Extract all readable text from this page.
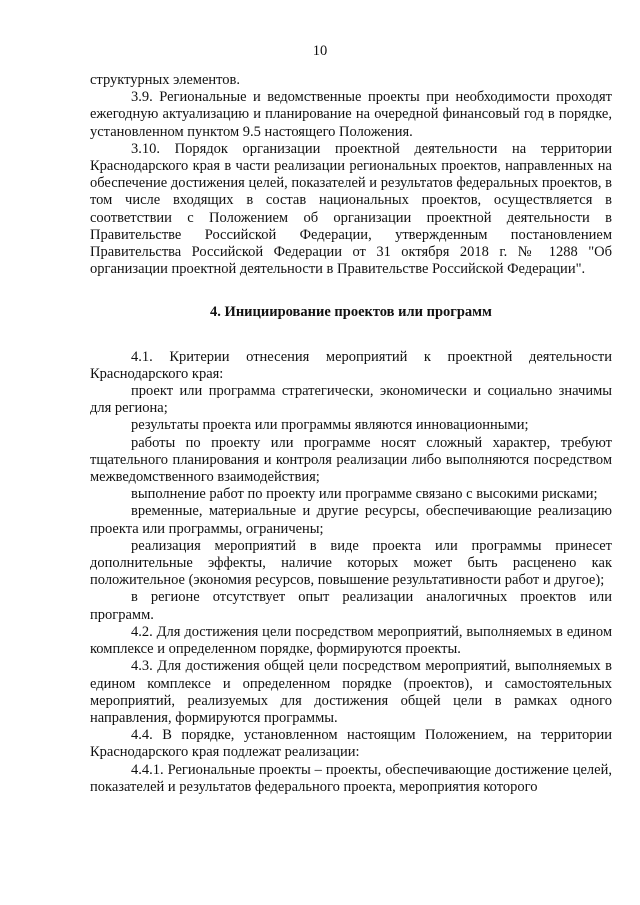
10

структурных элементов.

3.9. Региональные и ведомственные проекты при необходимости проходят ежегодную актуализацию и планирование на очередной финансовый год в порядке, установленном пунктом 9.5 настоящего Положения.

3.10. Порядок организации проектной деятельности на территории Краснодарского края в части реализации региональных проектов, направленных на обеспечение достижения целей, показателей и результатов федеральных проектов, в том числе входящих в состав национальных проектов, осуществляется в соответствии с Положением об организации проектной деятельности в Правительстве Российской Федерации, утвержденным постановлением Правительства Российской Федерации от 31 октября 2018 г. № 1288 "Об организации проектной деятельности в Правительстве Российской Федерации".

4. Инициирование проектов или программ

4.1. Критерии отнесения мероприятий к проектной деятельности Краснодарского края:

проект или программа стратегически, экономически и социально значимы для региона;

результаты проекта или программы являются инновационными;

работы по проекту или программе носят сложный характер, требуют тщательного планирования и контроля реализации либо выполняются посредством межведомственного взаимодействия;

выполнение работ по проекту или программе связано с высокими рисками;

временные, материальные и другие ресурсы, обеспечивающие реализацию проекта или программы, ограничены;

реализация мероприятий в виде проекта или программы принесет дополнительные эффекты, наличие которых может быть расценено как положительное (экономия ресурсов, повышение результативности работ и другое);

в регионе отсутствует опыт реализации аналогичных проектов или программ.

4.2. Для достижения цели посредством мероприятий, выполняемых в едином комплексе и определенном порядке, формируются проекты.

4.3. Для достижения общей цели посредством мероприятий, выполняемых в едином комплексе и определенном порядке (проектов), и самостоятельных мероприятий, реализуемых для достижения общей цели в рамках одного направления, формируются программы.

4.4. В порядке, установленном настоящим Положением, на территории Краснодарского края подлежат реализации:

4.4.1. Региональные проекты – проекты, обеспечивающие достижение целей, показателей и результатов федерального проекта, мероприятия которого
